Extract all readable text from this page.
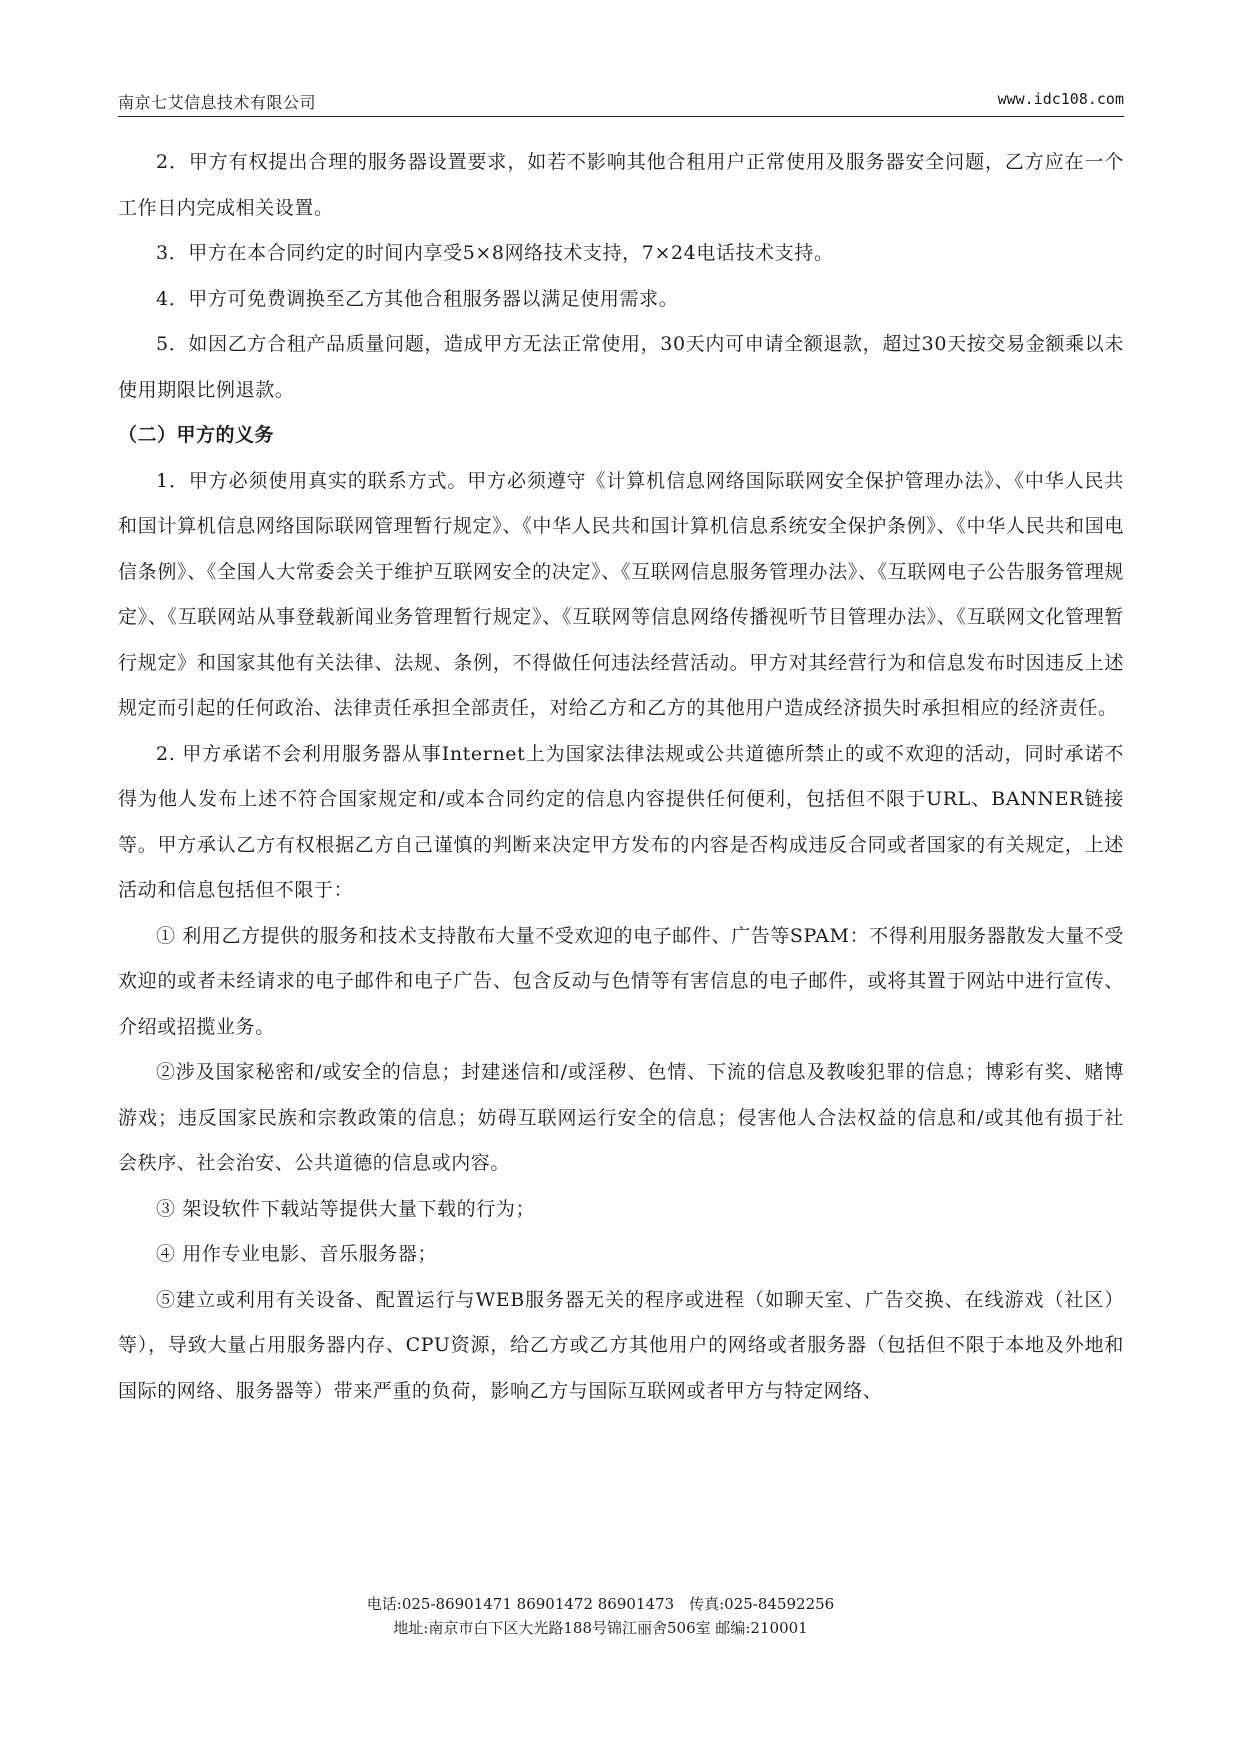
南京七艾信息技术有限公司	www.idc108.com

2．甲方有权提出合理的服务器设置要求，如若不影响其他合租用户正常使用及服务器安全问题，乙方应在一个工作日内完成相关设置。

3．甲方在本合同约定的时间内享受5×8网络技术支持，7×24电话技术支持。

4．甲方可免费调换至乙方其他合租服务器以满足使用需求。

5．如因乙方合租产品质量问题，造成甲方无法正常使用，30天内可申请全额退款，超过30天按交易金额乘以未使用期限比例退款。

（二）甲方的义务

1．甲方必须使用真实的联系方式。甲方必须遵守《计算机信息网络国际联网安全保护管理办法》、《中华人民共和国计算机信息网络国际联网管理暂行规定》、《中华人民共和国计算机信息系统安全保护条例》、《中华人民共和国电信条例》、《全国人大常委会关于维护互联网安全的决定》、《互联网信息服务管理办法》、《互联网电子公告服务管理规定》、《互联网站从事登载新闻业务管理暂行规定》、《互联网等信息网络传播视听节目管理办法》、《互联网文化管理暂行规定》和国家其他有关法律、法规、条例，不得做任何违法经营活动。甲方对其经营行为和信息发布时因违反上述规定而引起的任何政治、法律责任承担全部责任，对给乙方和乙方的其他用户造成经济损失时承担相应的经济责任。

2. 甲方承诺不会利用服务器从事Internet上为国家法律法规或公共道德所禁止的或不欢迎的活动，同时承诺不得为他人发布上述不符合国家规定和/或本合同约定的信息内容提供任何便利，包括但不限于URL、BANNER链接等。甲方承认乙方有权根据乙方自己谨慎的判断来决定甲方发布的内容是否构成违反合同或者国家的有关规定，上述活动和信息包括但不限于：

① 利用乙方提供的服务和技术支持散布大量不受欢迎的电子邮件、广告等SPAM：不得利用服务器散发大量不受欢迎的或者未经请求的电子邮件和电子广告、包含反动与色情等有害信息的电子邮件，或将其置于网站中进行宣传、介绍或招揽业务。

②涉及国家秘密和/或安全的信息；封建迷信和/或淫秽、色情、下流的信息及教唆犯罪的信息；博彩有奖、赌博游戏；违反国家民族和宗教政策的信息；妨碍互联网运行安全的信息；侵害他人合法权益的信息和/或其他有损于社会秩序、社会治安、公共道德的信息或内容。

③ 架设软件下载站等提供大量下载的行为；

④ 用作专业电影、音乐服务器；

⑤建立或利用有关设备、配置运行与WEB服务器无关的程序或进程（如聊天室、广告交换、在线游戏（社区）等），导致大量占用服务器内存、CPU资源，给乙方或乙方其他用户的网络或者服务器（包括但不限于本地及外地和国际的网络、服务器等）带来严重的负荷，影响乙方与国际互联网或者甲方与特定网络、

电话:025-86901471 86901472 86901473　传真:025-84592256
地址:南京市白下区大光路188号锦江丽舍506室 邮编:210001
